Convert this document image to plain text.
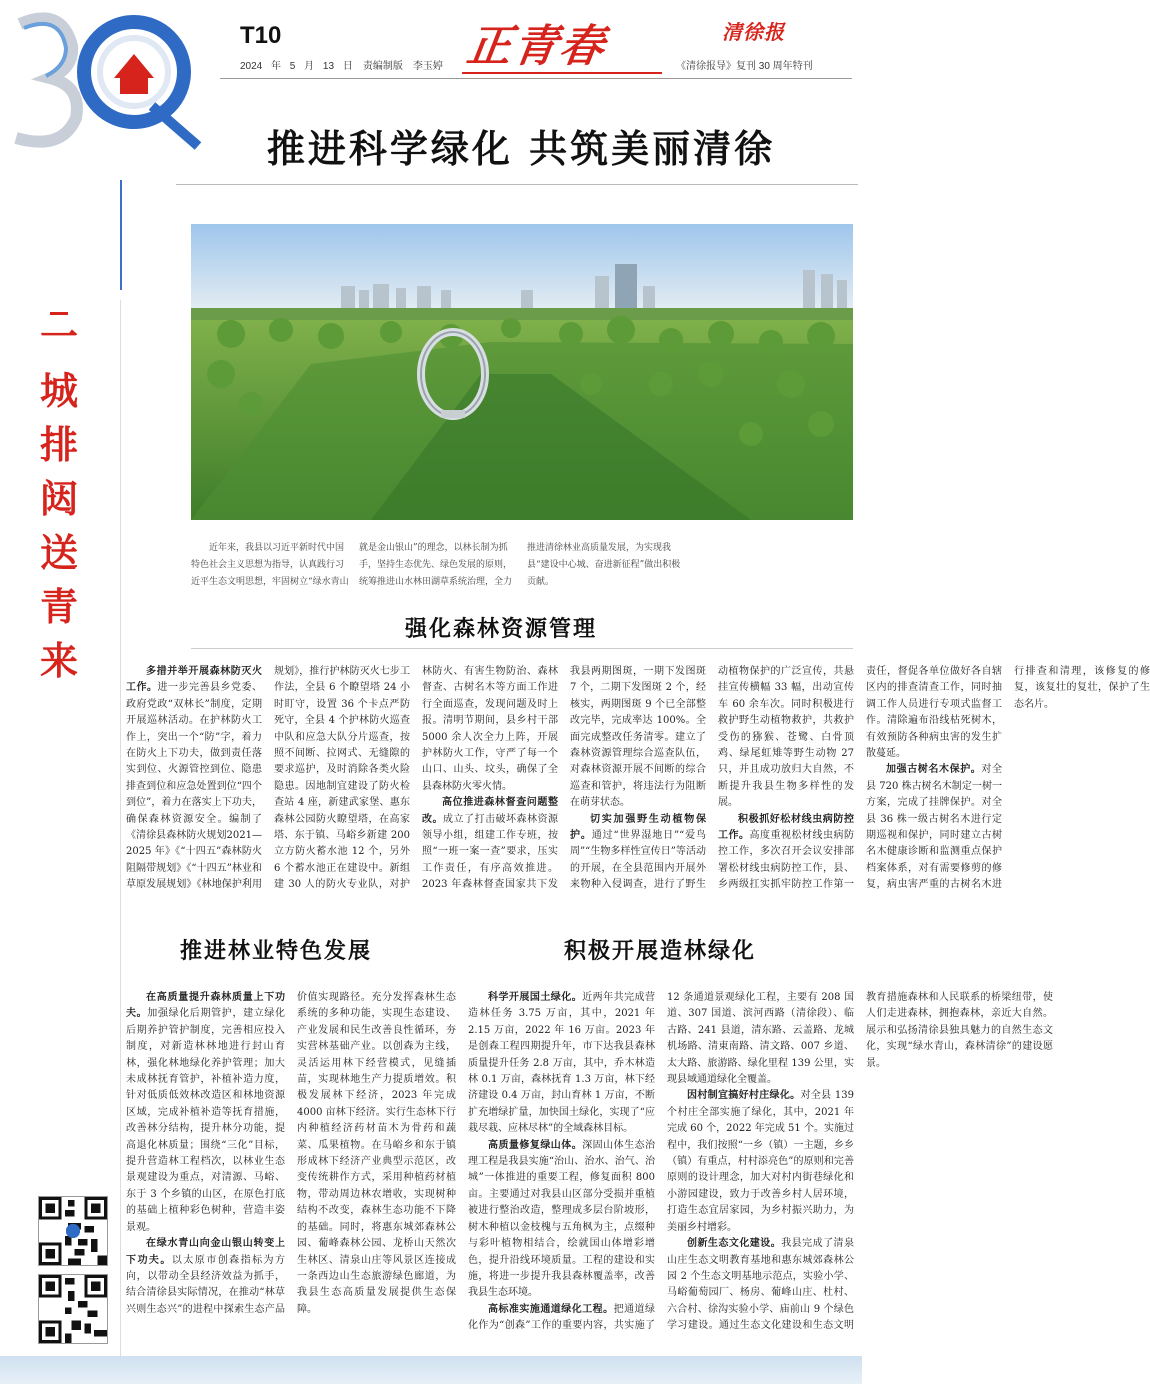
T10
2024 年 5 月 13 日　责编制版　李玉婷 正青春	清徐报
《清徐报导》复刊 30 周年特刊
推进科学绿化 共筑美丽清徐
一城排闼送青来

近年来，我县以习近平新时代中国特色社会主义思想为指导，认真践行习近平生态文明思想，牢固树立“绿水青山就是金山银山”的理念，以林长制为抓手，坚持生态优先、绿色发展的原则，统筹推进山水林田湖草系统治理，全力推进清徐林业高质量发展，为实现我县“建设中心城、奋进新征程”做出积极贡献。

强化森林资源管理

多措并举开展森林防灭火工作。进一步完善县乡党委、政府党政“双林长”制度，定期开展巡林活动。在护林防火工作上，突出一个“防”字，着力在防火上下功夫，做到责任落实到位、火源管控到位、隐患排查到位和应急处置到位“四个到位”，着力在落实上下功夫，确保森林资源安全。编制了《清徐县森林防火规划2021—2025 年》《“十四五”森林防火阻隔带规划》《“十四五”林业和草原发展规划》《林地保护利用规划》，推行护林防灭火七步工作法，全县 6 个瞭望塔 24 小时盯守，设置 36 个卡点严防死守，全县 4 个护林防火巡查中队和应急大队分片巡查，按照不间断、拉网式、无缝隙的要求巡护，及时消除各类火险隐患。因地制宜建设了防火检查站 4 座，新建武家堡、惠东森林公园防火瞭望塔，在高家塔、东于镇、马峪乡新建 200 立方防火蓄水池 12 个，另外 6 个蓄水池正在建设中。新组建 30 人的防火专业队，对护林防火、有害生物防治、森林督查、古树名木等方面工作进行全面巡查，发现问题及时上报。清明节期间，县乡村干部 5000 余人次全力上阵，开展护林防火工作，守严了每一个山口、山头、坟头，确保了全县森林防火零火情。

高位推进森林督查问题整改。成立了打击破坏森林资源领导小组，组建工作专班，按照“一班一案一查”要求，压实工作责任，有序高效推进。2023 年森林督查国家共下发我县两期图斑，一期下发图斑 7 个，二期下发图斑 2 个，经核实，两期图斑 9 个已全部整改完毕，完成率达 100%。全面完成整改任务清零。建立了森林资源管理综合巡查队伍，对森林资源开展不间断的综合巡查和管护，将违法行为阻断在萌芽状态。

切实加强野生动植物保护。通过“世界湿地日”“爱鸟周”“生物多样性宣传日”等活动的开展，在全县范围内开展外来物种入侵调查，进行了野生动植物保护的广泛宣传，共悬挂宣传横幅 33 幅，出动宣传车 60 余车次。同时积极进行救护野生动植物救护，共救护受伤的猕猴、苍鹭、白骨顶鸡、绿尾虹雉等野生动物 27 只，并且成功放归大自然，不断提升我县生物多样性的发展。

积极抓好松材线虫病防控工作。高度重视松材线虫病防控工作，多次召开会议安排部署松材线虫病防控工作，县、乡两级扛实抓牢防控工作第一责任，督促各单位做好各自辖区内的排查清查工作，同时抽调工作人员进行专项式监督工作。清除遍布沿线枯死树木，有效预防各种病虫害的发生扩散蔓延。

加强古树名木保护。对全县 720 株古树名木制定一树一方案，完成了挂牌保护。对全县 36 株一级古树名木进行定期巡视和保护，同时建立古树名木健康诊断和监测重点保护档案体系，对有需要修剪的修复，病虫害严重的古树名木进行排查和清理，该修复的修复，该复壮的复壮，保护了生态名片。

推进林业特色发展

在高质量提升森林质量上下功夫。加强绿化后期管护，建立绿化后期养护管护制度，完善相应投入制度，对新造林林地进行封山育林，强化林地绿化养护管理；加大未成林抚育管护，补植补造力度，针对低质低效林改造区和林地资源区域，完成补植补造等抚育措施，改善林分结构，提升林分功能，提高退化林质量；围绕“三化”目标，提升营造林工程档次，以林业生态景观建设为重点，对清源、马峪、东于 3 个乡镇的山区，在原色打底的基础上植种彩色树种，营造丰姿景观。

在绿水青山向金山银山转变上下功夫。以太原市创森指标为方向，以带动全县经济效益为抓手，结合清徐县实际情况，在推动“林草兴则生态兴”的进程中探索生态产品价值实现路径。充分发挥森林生态系统的多种功能，实现生态建设、产业发展和民生改善良性循环，夯实营林基础产业。以创森为主线，灵活运用林下经营模式，见缝插苗，实现林地生产力提质增效。积极发展林下经济，2023 年完成 4000 亩林下经济。实行生态林下行内种植经济药材苗木为骨药和蔬菜、瓜果植物。在马峪乡和东于镇形成林下经济产业典型示范区，改变传统耕作方式，采用种植药材植物，带动周边林农增收，实现树种结构不改变，森林生态功能不下降的基础。同时，将惠东城郊森林公园、葡峰森林公园、龙桥山天然次生林区、清泉山庄等风景区连接成一条西边山生态旅游绿色廊道，为我县生态高质量发展提供生态保障。

积极开展造林绿化

科学开展国土绿化。近两年共完成营造林任务 3.75 万亩，其中，2021 年 2.15 万亩，2022 年 16 万亩。2023 年是创森工程四期提升年，市下达我县森林质量提升任务 2.8 万亩，其中，乔木林造林 0.1 万亩，森林抚育 1.3 万亩，林下经济建设 0.4 万亩，封山育林 1 万亩，不断扩充增绿扩量，加快国土绿化，实现了“应栽尽栽、应林尽林”的全域森林目标。

高质量修复绿山体。深固山体生态治理工程是我县实施“治山、治水、治气、治城”一体推进的重要工程，修复面积 800 亩。主要通过对我县山区部分受损并重植被进行整治改造，整理成多层台阶坡形，树木种植以金枝槐与五角枫为主，点缀种与彩叶植物相结合，绘就国山体增彩增色，提升沿线环境质量。工程的建设和实施，将进一步提升我县森林覆盖率，改善我县生态环境。

高标准实施通道绿化工程。把通道绿化作为“创森”工作的重要内容，共实施了 12 条通道景观绿化工程，主要有 208 国道、307 国道、滨河西路（清徐段）、临古路、241 县道，清东路、云盖路、龙城机场路、清東南路、清文路、007 乡道、太大路、旅游路、绿化里程 139 公里，实现县域通道绿化全覆盖。

因村制宜搞好村庄绿化。对全县 139 个村庄全部实施了绿化，其中，2021 年完成 60 个，2022 年完成 51 个。实施过程中，我们按照“一乡（镇）一主题，乡乡（镇）有重点，村村添亮色”的原则和完善原则的设计理念，加大对村内街巷绿化和小游园建设，致力于改善乡村人居环境，打造生态宜居家园，为乡村振兴助力，为美丽乡村增彩。

创新生态文化建设。我县完成了清泉山庄生态文明教育基地和惠东城郊森林公园 2 个生态文明基地示范点，实验小学、马峪葡萄园厂、杨房、葡峰山庄、杜村、六合村、徐沟实验小学、庙前山 9 个绿色学习建设。通过生态文化建设和生态文明教育措施森林和人民联系的桥梁纽带，使人们走进森林，拥抱森林，亲近大自然。展示和弘扬清徐县独具魅力的自然生态文化，实现“绿水青山，森林清徐”的建设愿景。
